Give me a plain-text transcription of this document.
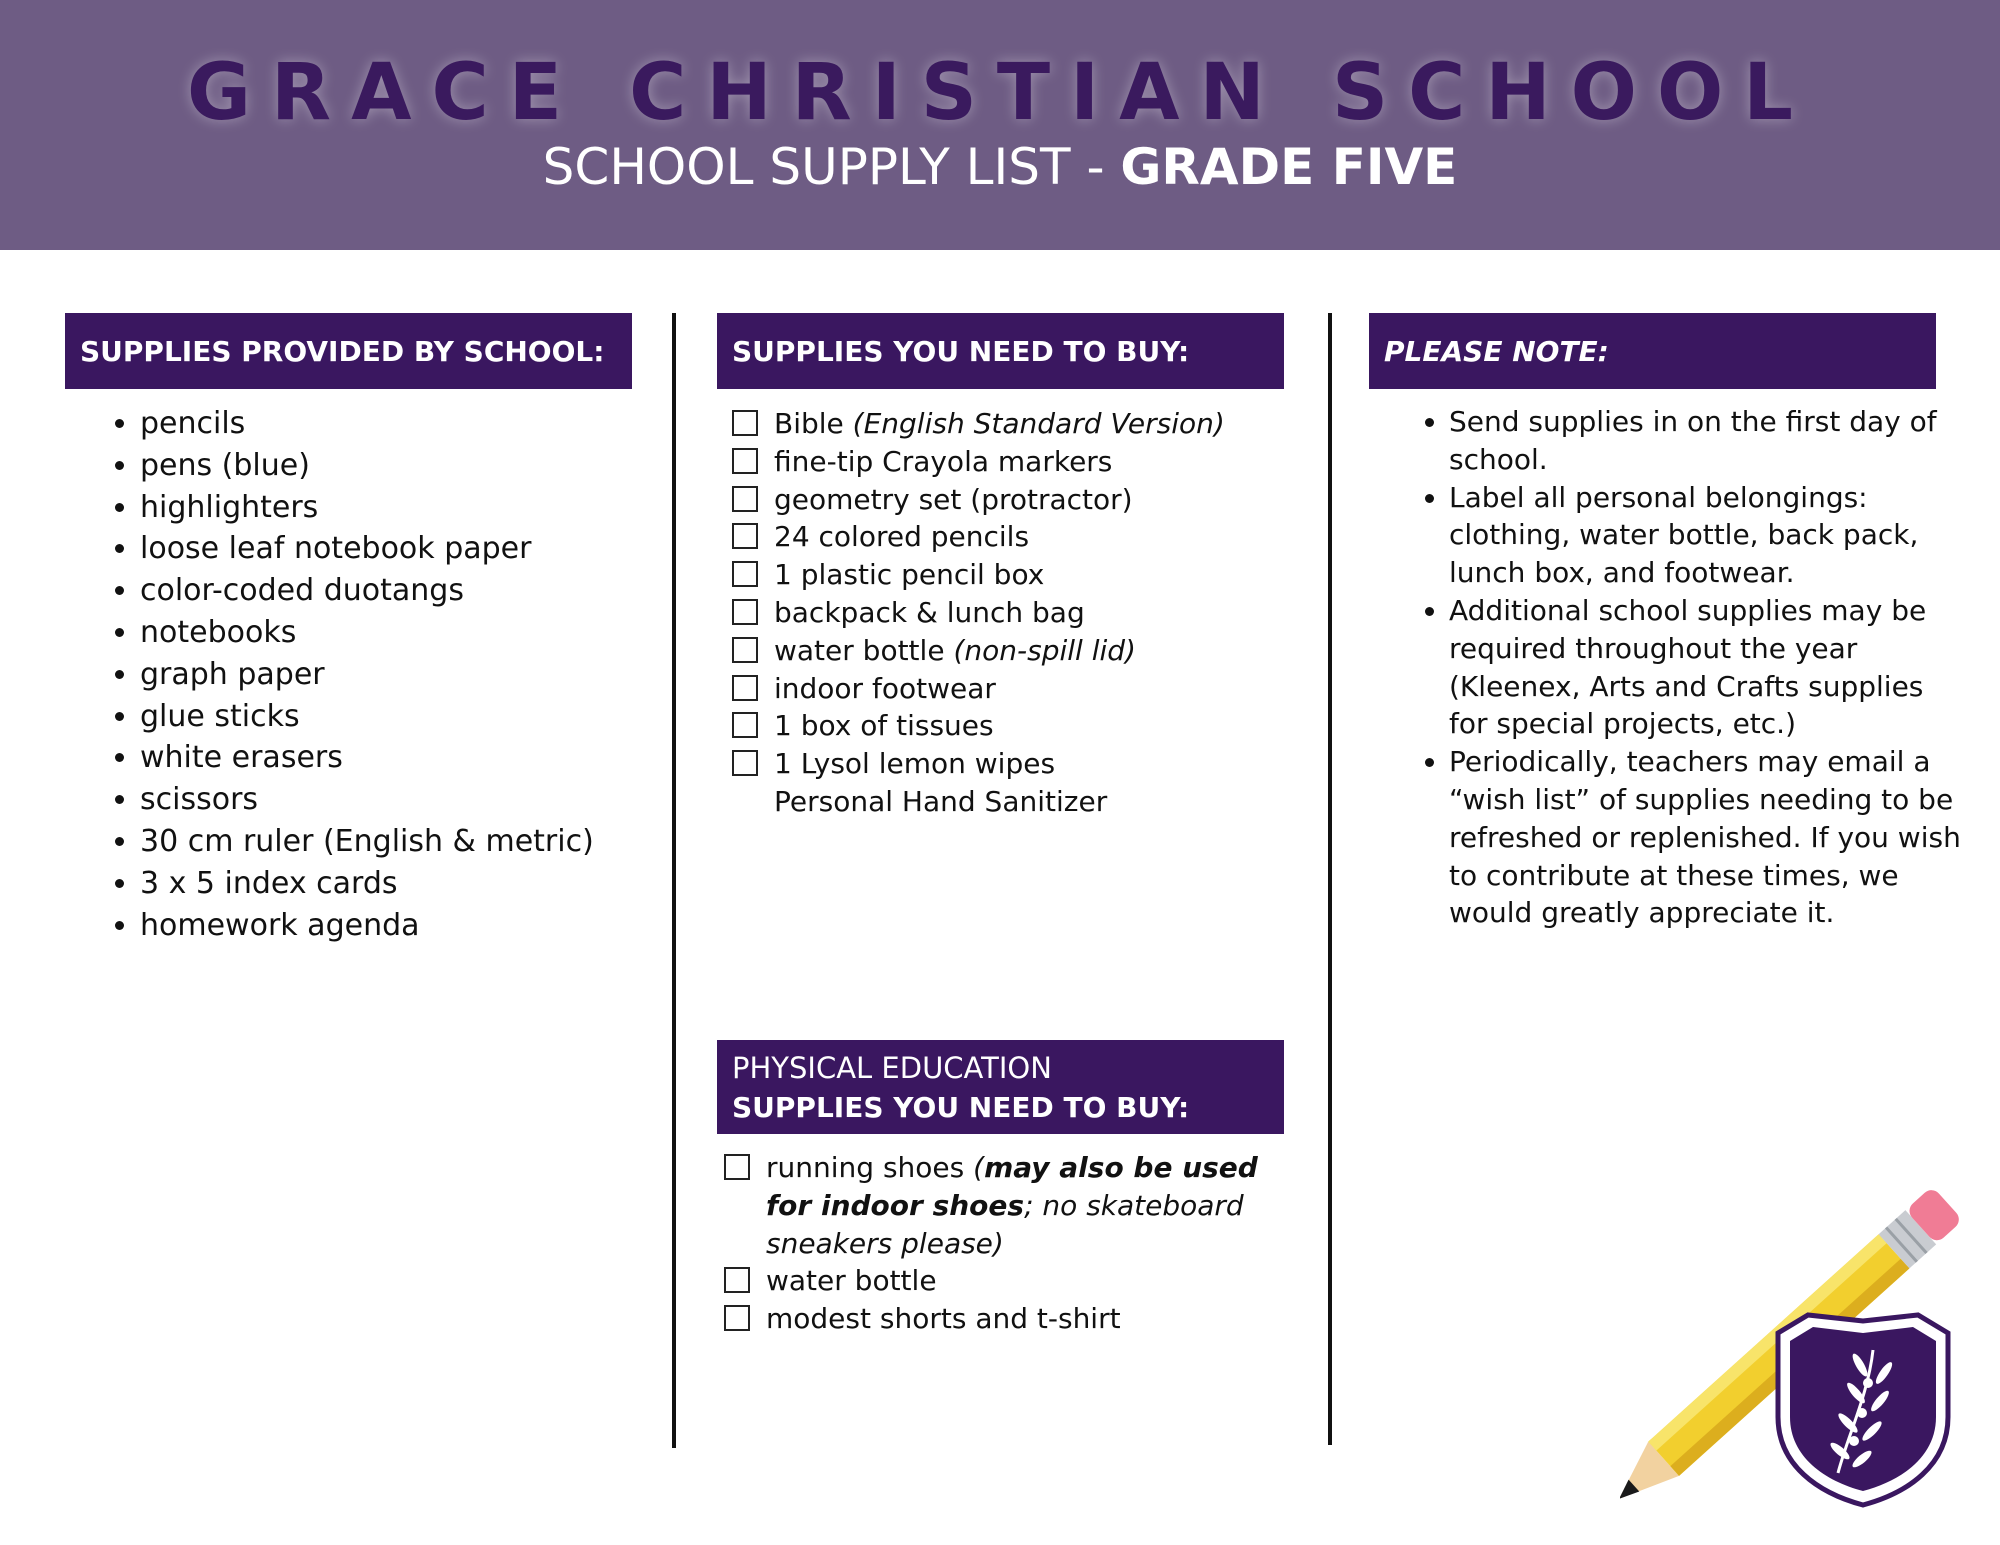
GRACE CHRISTIAN SCHOOL
SCHOOL SUPPLY LIST - GRADE FIVE
SUPPLIES PROVIDED BY SCHOOL:
• pencils
• pens (blue)
• highlighters
• loose leaf notebook paper
• color-coded duotangs
• notebooks
• graph paper
• glue sticks
• white erasers
• scissors
• 30 cm ruler (English & metric)
• 3 x 5 index cards
• homework agenda
SUPPLIES YOU NEED TO BUY:
Bible (English Standard Version)
fine-tip Crayola markers
geometry set (protractor)
24 colored pencils
1 plastic pencil box
backpack & lunch bag
water bottle (non-spill lid)
indoor footwear
1 box of tissues
1 Lysol lemon wipes
Personal Hand Sanitizer
PHYSICAL EDUCATION
SUPPLIES YOU NEED TO BUY:
running shoes (may also be used for indoor shoes; no skateboard sneakers please)
water bottle
modest shorts and t-shirt
PLEASE NOTE:
• Send supplies in on the first day of school.
• Label all personal belongings: clothing, water bottle, back pack, lunch box, and footwear.
• Additional school supplies may be required throughout the year (Kleenex, Arts and Crafts supplies for special projects, etc.)
• Periodically, teachers may email a “wish list” of supplies needing to be refreshed or replenished. If you wish to contribute at these times, we would greatly appreciate it.
